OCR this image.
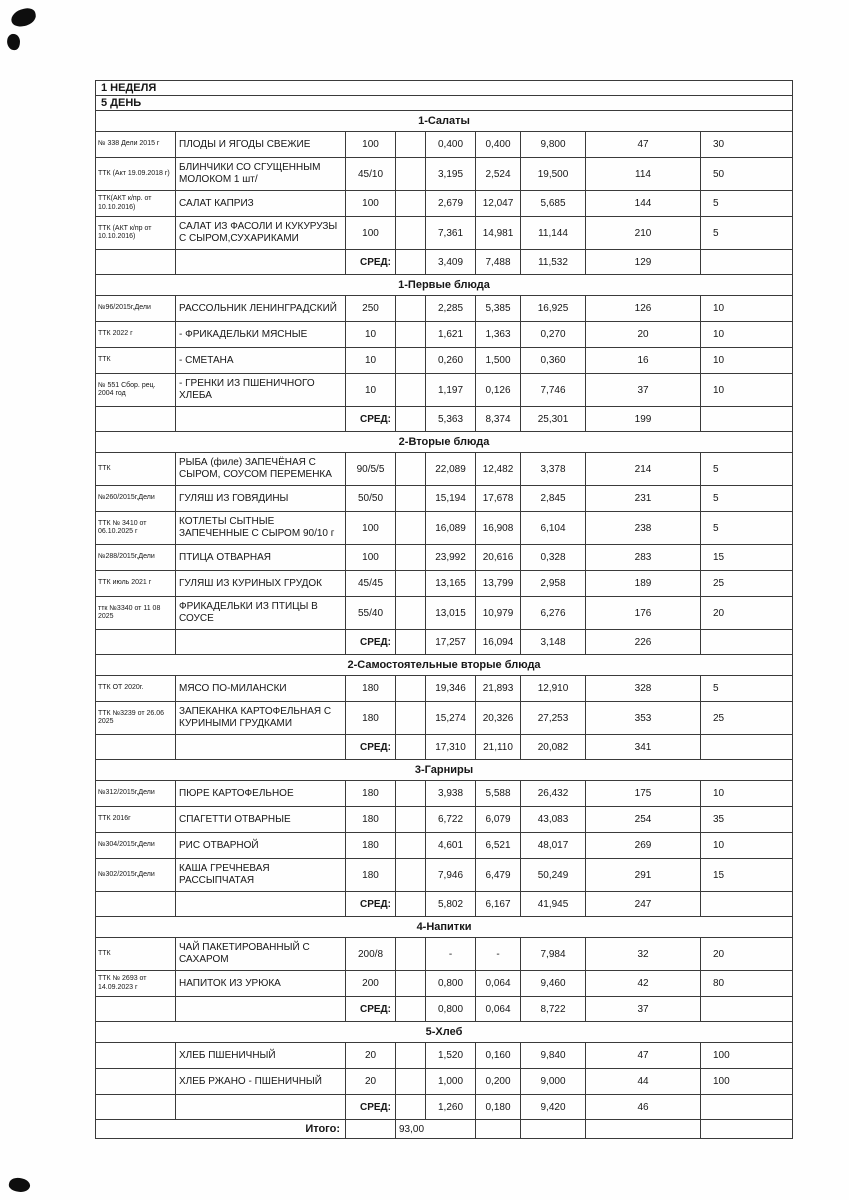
1 НЕДЕЛЯ								
5 ДЕНЬ								
1-Салаты								
№ 338 Дели 2015 г	ПЛОДЫ И ЯГОДЫ СВЕЖИЕ	100		0,400	0,400	9,800	47	30
ТТК (Акт 19.09.2018 г)	БЛИНЧИКИ СО СГУЩЕННЫМ МОЛОКОМ 1 шт/	45/10		3,195	2,524	19,500	114	50
ТТК(АКТ к/пр. от 10.10.2016)	САЛАТ КАПРИЗ	100		2,679	12,047	5,685	144	5
ТТК (АКТ к/пр от 10.10.2016)	САЛАТ ИЗ ФАСОЛИ И КУКУРУЗЫ С СЫРОМ,СУХАРИКАМИ	100		7,361	14,981	11,144	210	5
		СРЕД:		3,409	7,488	11,532	129	
1-Первые блюда								
№96/2015г,Дели	РАССОЛЬНИК ЛЕНИНГРАДСКИЙ	250		2,285	5,385	16,925	126	10
ТТК 2022 г	- ФРИКАДЕЛЬКИ МЯСНЫЕ	10		1,621	1,363	0,270	20	10
ТТК	- СМЕТАНА	10		0,260	1,500	0,360	16	10
№ 551 Сбор. рец. 2004 год	- ГРЕНКИ ИЗ ПШЕНИЧНОГО ХЛЕБА	10		1,197	0,126	7,746	37	10
		СРЕД:		5,363	8,374	25,301	199	
2-Вторые блюда								
ТТК	РЫБА (филе) ЗАПЕЧЁНАЯ С СЫРОМ, СОУСОМ ПЕРЕМЕНКА	90/5/5		22,089	12,482	3,378	214	5
№260/2015г,Дели	ГУЛЯШ ИЗ ГОВЯДИНЫ	50/50		15,194	17,678	2,845	231	5
ТТК № 3410 от 06.10.2025 г	КОТЛЕТЫ СЫТНЫЕ ЗАПЕЧЕННЫЕ С СЫРОМ 90/10 г	100		16,089	16,908	6,104	238	5
№288/2015г,Дели	ПТИЦА ОТВАРНАЯ	100		23,992	20,616	0,328	283	15
ТТК июль 2021 г	ГУЛЯШ ИЗ КУРИНЫХ ГРУДОК	45/45		13,165	13,799	2,958	189	25
ттк №3340 от 11 08 2025	ФРИКАДЕЛЬКИ ИЗ ПТИЦЫ В СОУСЕ	55/40		13,015	10,979	6,276	176	20
		СРЕД:		17,257	16,094	3,148	226	
2-Самостоятельные вторые блюда								
ТТК ОТ 2020г.	МЯСО ПО-МИЛАНСКИ	180		19,346	21,893	12,910	328	5
ТТК №3239 от 26.06 2025	ЗАПЕКАНКА КАРТОФЕЛЬНАЯ С КУРИНЫМИ ГРУДКАМИ	180		15,274	20,326	27,253	353	25
		СРЕД:		17,310	21,110	20,082	341	
3-Гарниры								
№312/2015г,Дели	ПЮРЕ КАРТОФЕЛЬНОЕ	180		3,938	5,588	26,432	175	10
ТТК 2016г	СПАГЕТТИ ОТВАРНЫЕ	180		6,722	6,079	43,083	254	35
№304/2015г,Дели	РИС ОТВАРНОЙ	180		4,601	6,521	48,017	269	10
№302/2015г,Дели	КАША ГРЕЧНЕВАЯ РАССЫПЧАТАЯ	180		7,946	6,479	50,249	291	15
		СРЕД:		5,802	6,167	41,945	247	
4-Напитки								
ТТК	ЧАЙ ПАКЕТИРОВАННЫЙ С САХАРОМ	200/8		-	-	7,984	32	20
ТТК № 2693 от 14.09.2023 г	НАПИТОК ИЗ УРЮКА	200		0,800	0,064	9,460	42	80
		СРЕД:		0,800	0,064	8,722	37	
5-Хлеб								
	ХЛЕБ ПШЕНИЧНЫЙ	20		1,520	0,160	9,840	47	100
	ХЛЕБ РЖАНО - ПШЕНИЧНЫЙ	20		1,000	0,200	9,000	44	100
		СРЕД:		1,260	0,180	9,420	46	
Итого:			93,00					
